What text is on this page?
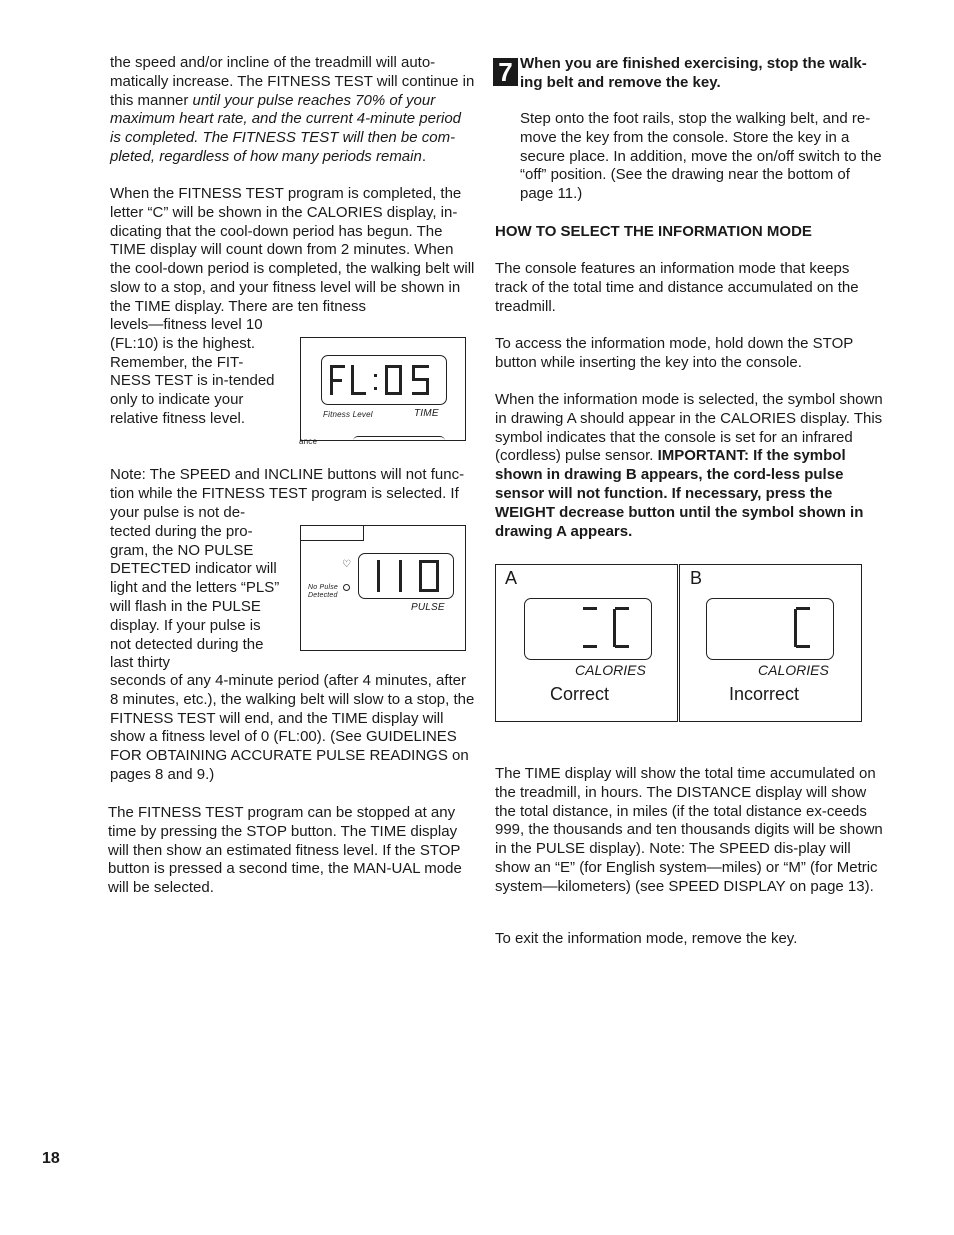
the speed and/or incline of the treadmill will auto-matically increase. The FITNESS TEST will continue in this manner until your pulse reaches 70% of your maximum heart rate, and the current 4-minute period is completed. The FITNESS TEST will then be com-pleted, regardless of how many periods remain.

When the FITNESS TEST program is completed, the letter “C” will be shown in the CALORIES display, in-dicating that the cool-down period has begun. The TIME display will count down from 2 minutes. When the cool-down period is completed, the walking belt will slow to a stop, and your fitness level will be shown in the TIME display. There are ten fitness

levels—fitness level 10 (FL:10) is the highest. Remember, the FIT-NESS TEST is in-tended only to indicate your relative fitness level.	Fitness Level	TIME
ance

Note: The SPEED and INCLINE buttons will not func-tion while the FITNESS TEST program is selected. If

your pulse is not de-tected during the pro-gram, the NO PULSE DETECTED indicator will light and the letters “PLS” will flash in the PULSE display. If your pulse is not detected during the last thirty

♡
No Pulse Detected
PULSE

seconds of any 4-minute period (after 4 minutes, after 8 minutes, etc.), the walking belt will slow to a stop, the FITNESS TEST will end, and the TIME display will show a fitness level of 0 (FL:00). (See GUIDELINES FOR OBTAINING ACCURATE PULSE READINGS on pages 8 and 9.)

The FITNESS TEST program can be stopped at any time by pressing the STOP button. The TIME display will then show an estimated fitness level. If the STOP button is pressed a second time, the MAN-UAL mode will be selected.

7 When you are finished exercising, stop the walk-ing belt and remove the key.

Step onto the foot rails, stop the walking belt, and re-move the key from the console. Store the key in a secure place. In addition, move the on/off switch to the “off” position. (See the drawing near the bottom of page 11.)

HOW TO SELECT THE INFORMATION MODE

The console features an information mode that keeps track of the total time and distance accumulated on the treadmill.

To access the information mode, hold down the STOP button while inserting the key into the console.

When the information mode is selected, the symbol shown in drawing A should appear in the CALORIES display. This symbol indicates that the console is set for an infrared (cordless) pulse sensor. IMPORTANT: If the symbol shown in drawing B appears, the cord-less pulse sensor will not function. If necessary, press the WEIGHT decrease button until the symbol shown in drawing A appears.

A
CALORIES
Correct
B
CALORIES
Incorrect

The TIME display will show the total time accumulated on the treadmill, in hours. The DISTANCE display will show the total distance, in miles (if the total distance ex-ceeds 999, the thousands and ten thousands digits will be shown in the PULSE display). Note: The SPEED dis-play will show an “E” (for English system—miles) or “M” (for Metric system—kilometers) (see SPEED DISPLAY on page 13).

To exit the information mode, remove the key.

18
